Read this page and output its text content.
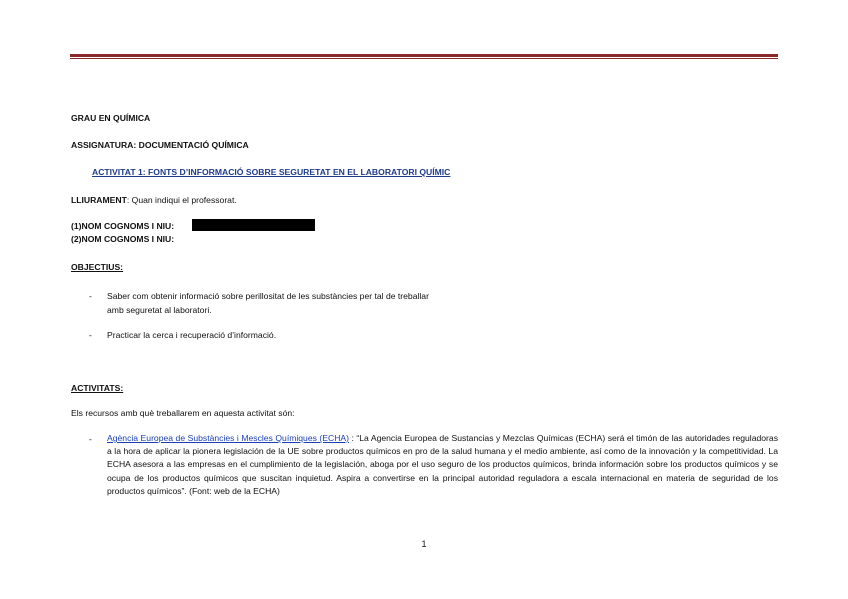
GRAU EN QUÍMICA
ASSIGNATURA: DOCUMENTACIÓ QUÍMICA
ACTIVITAT 1: FONTS D’INFORMACIÓ SOBRE SEGURETAT EN EL LABORATORI QUÍMIC
LLIURAMENT: Quan indiqui el professorat.
(1)NOM COGNOMS I NIU:
(2)NOM COGNOMS I NIU:
OBJECTIUS:
- Saber com obtenir informació sobre perillositat de les substàncies per tal de treballar
amb seguretat al laboratori.
- Practicar la cerca i recuperació d’informació.
ACTIVITATS:
Els recursos amb què treballarem en aquesta activitat són:
- Agència Europea de Substàncies i Mescles Químiques (ECHA) : “La Agencia Europea de Sustancias y Mezclas Químicas (ECHA) será el timón de las autoridades reguladoras a la hora de aplicar la pionera legislación de la UE sobre productos químicos en pro de la salud humana y el medio ambiente, así como de la innovación y la competitividad. La ECHA asesora a las empresas en el cumplimiento de la legislación, aboga por el uso seguro de los productos químicos, brinda información sobre los productos químicos y se ocupa de los productos químicos que suscitan inquietud. Aspira a convertirse en la principal autoridad reguladora a escala internacional en materia de seguridad de los productos químicos”. (Font: web de la ECHA)
1
